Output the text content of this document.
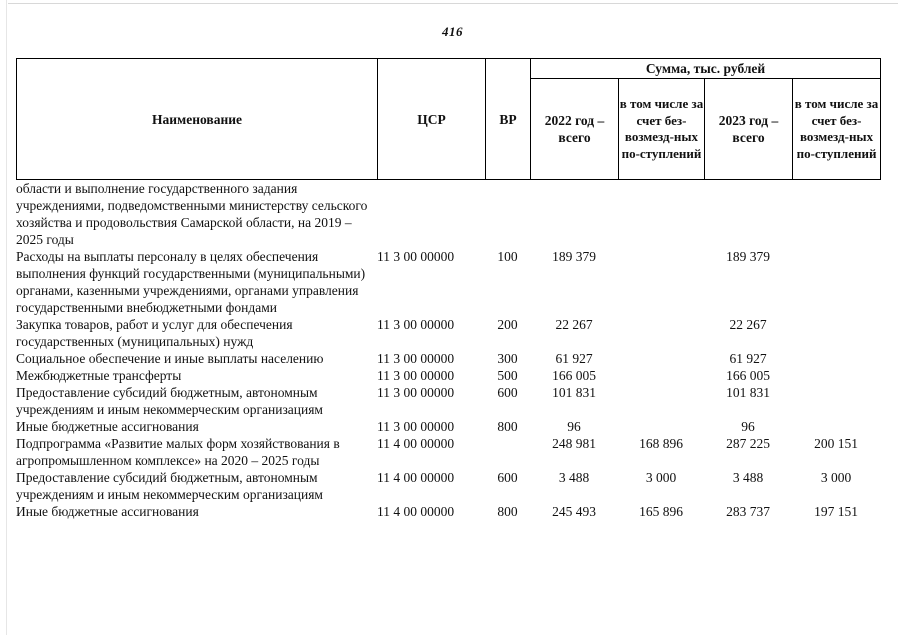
416
Наименование	ЦСР	ВР	Сумма, тыс. рублей			
			2022 год – всего	в том числе за счет без-возмезд-ных по-ступлений	2023 год – всего	в том числе за счет без-возмезд-ных по-ступлений
области и выполнение государственного задания учреждениями, подведомственными министерству сельского хозяйства и продовольствия Самарской области, на 2019 – 2025 годы						
Расходы на выплаты персоналу в целях обеспечения выполнения функций государственными (муниципальными) органами, казенными учреждениями, органами управления государственными внебюджетными фондами	11 3 00 00000	100	189 379		189 379	
Закупка товаров, работ и услуг для обеспечения государственных (муниципальных) нужд	11 3 00 00000	200	22 267		22 267	
Социальное обеспечение и иные выплаты населению	11 3 00 00000	300	61 927		61 927	
Межбюджетные трансферты	11 3 00 00000	500	166 005		166 005	
Предоставление субсидий бюджетным, автономным учреждениям и иным некоммерческим организациям	11 3 00 00000	600	101 831		101 831	
Иные бюджетные ассигнования	11 3 00 00000	800	96		96	
Подпрограмма «Развитие малых форм хозяйствования в агропромышленном комплексе» на 2020 – 2025 годы	11 4 00 00000		248 981	168 896	287 225	200 151
Предоставление субсидий бюджетным, автономным учреждениям и иным некоммерческим организациям	11 4 00 00000	600	3 488	3 000	3 488	3 000
Иные бюджетные ассигнования	11 4 00 00000	800	245 493	165 896	283 737	197 151
